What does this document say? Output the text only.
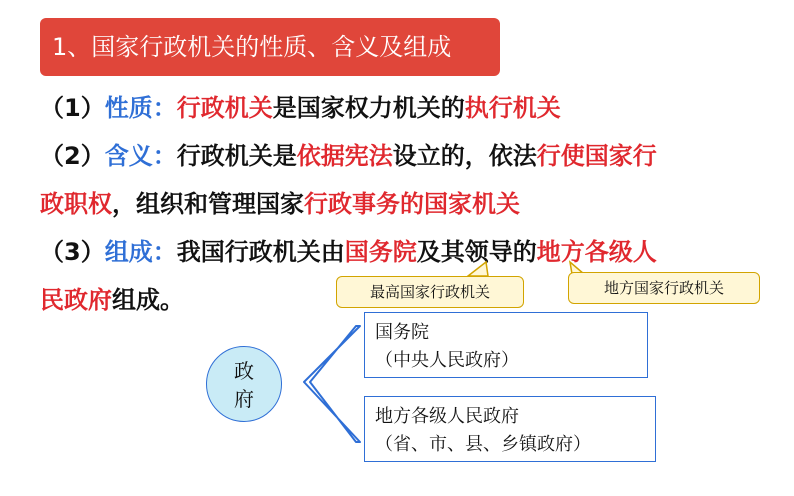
1、国家行政机关的性质、含义及组成
（1）性质：行政机关是国家权力机关的执行机关
（2）含义：行政机关是依据宪法设立的，依法行使国家行
政职权，组织和管理国家行政事务的国家机关
（3）组成：我国行政机关由国务院及其领导的地方各级人
民政府组成。	最高国家行政机关	地方国家行政机关
政
府
国务院
（中央人民政府）
地方各级人民政府
（省、市、县、乡镇政府）
